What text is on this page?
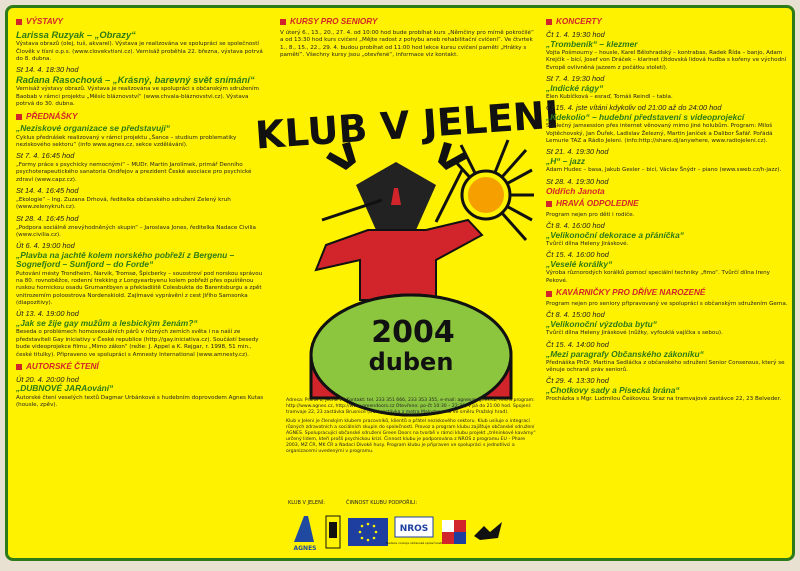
VÝSTAVY
Larissa Ruzyak – „Obrazy“
Výstava obrazů (olej, tuš, akvarel). Výstava je realizována ve spolupráci se společností Člověk v tísni o.p.s. (www.clovekvtisni.cz). Vernisáž proběhla 22. března, výstava potrvá do 8. dubna.
St 14. 4. 18:30 hod
Radana Rasochová – „Krásný, barevný svět snímání“
Vernisáž výstavy obrazů. Výstava je realizována ve spolupráci s občanským sdružením Baobab v rámci projektu „Měsíc bláznovství“ (www.chvala-bláznovstvi.cz). Výstava potrvá do 30. dubna.
PŘEDNÁŠKY
„Neziskové organizace se představují“
Cyklus přednášek realizovaný v rámci projektu „Šance – studium problematiky neziskového sektoru“ (info www.agnes.cz, sekce vzdělávání).
St 7. 4. 16:45 hod
„Formy práce s psychicky nemocnými“ – MUDr. Martin Jarolímek, primář Denního psychoterapeutického sanatoria Ondřejov a prezident České asociace pro psychické zdraví (www.capz.cz).
St 14. 4. 16:45 hod
„Ekologie“ – Ing. Zuzana Drhová, ředitelka občanského sdružení Zelený kruh (www.zelenykruh.cz).
St 28. 4. 16:45 hod
„Podpora sociálně znevýhodněných skupin“ – Jaroslava Jones, ředitelka Nadace Civilia (www.civilia.cz).
Út 6. 4. 19:00 hod
„Plavba na jachtě kolem norského pobřeží z Bergenu – Sognefjord – Sunfjord – do Forde“
Putování mésty Trondheim, Narvik, Tromsø, Špicberky – souostroví pod norskou správou na 80. rovnoběžce, rodenní trekking z Longyearbyenu kolem pobřeží přes opuštěnou ruskou hornickou osadu Grumantbyen a překladiště Colesbukta do Barentsburgu a zpět vnitrozemím poloostrova Nordenskiold. Zajímavé vyprávění z cest Jiřího Samsonka (diapozitivy).
Út 13. 4. 19:00 hod
„Jak se žije gay mužům a lesbickým ženám?“
Beseda o problémech homosexuálních párů v různých zemích světa i na naší ze představiteli Gay iniciativy v České republice (http://gay.iniciativa.cz). Součástí besedy bude videoprojekce filmu „Mimo zákon“ (režie: J. Appel a K. Rejgar, r. 1998, 51 min., české titulky). Připraveno ve spolupráci s Amnesty International (www.amnesty.cz).
AUTORSKÉ ČTENÍ
Út 20. 4. 20:00 hod
„DUBNOVÉ JARAování“
Autorské čtení veselých textů Dagmar Urbánkové s hudebním doprovodem Agnes Kutas (housle, zpěv).
KURSY PRO SENIORY
V úterý 6., 13., 20., 27. 4. od 10:00 hod bude probíhat kurs „Němčiny pro mírně pokročilé“ a od 13:30 hod kurs cvičení „Mějte radost z pohybu aneb rehabilitační cvičení“. Ve čtvrtek 1., 8., 15., 22., 29. 4. budou probíhat od 11:00 hod lekce kursu cvičení paměti „Hrátky s pamětí“. Všechny kursy jsou „otevřené“, informace viz kontakt.
KLUB V JELENI
2004
duben
Adresa: Praha 1, Ječná 17 Kontakt: tel. 233 351 666, 233 353 355, e-mail: agnes@agnes.cz, Info a program: http://www.agnes.cz, http://www.greendoors.cz Otevřeno: po-čt 10:30 – 22:30, v pá do 21:00 hod. Spojení: tramvaje 22, 23 zastávka Brusnice (třetí zastávka z metra Malostranská ve směru Pražský hrad).
Klub v Jeleni je členským klubem pracovníků, klientů a přátel neziskového sektoru. Klub usiluje o integraci různých zdravotních a sociálních skupin do společnosti. Provoz a program klubu zajišťuje občanské sdružení AGNES. Spolupracující občanské sdružení Green Doors na tvorbě v rámci klubu projekt „tréninkové kavárny“ určený lidem, kteří prošli psychickou krizí. Činnost klubu je podporována z NROS z programu EU – Phare 2003, MZ ČR, MK ČR a Nadací Divoké husy. Program klubu je připraven ve spolupráci s jednotlivci a organizacemi uvedenými v programu.
KLUB V JELENÍ:	ČINNOST KLUBU PODPOŘILI:
AGNES
NROS
Nadace rozvoje občanské společnosti
KONCERTY
Čt 1. 4. 19:30 hod
„Trombeník“ – klezmer
Vojta Pošmourny – housle, Karel Bělohradský – kontrabas, Radek Řída – banjo, Adam Krejčík – bicí, Josef von Dráček – klarinet (židovská lidová hudba s kořeny ve východní Evropě ovlivněná jazzem z počátku století).
St 7. 4. 19:30 hod
„Indické rágy“
Elen Kubíčková – esraď, Tomáš Reindl – tabla.
Čt 15. 4. jste vítáni kdykoliv od 21:00 až do 24:00 hod
„Kdekolio“ – hudební představení s videoprojekcí
Společný jamsession přes internet věnovaný mimo jiné holubům. Program: Miloš Vojtěchovský, Jan Ďuřek, Ladislav Železný, Martin Janíček a Dalibor Šafář. Pořádá Lemurie TAZ a Rádio Jeleni. (info:http://share.dj/anywhere, www.radiojeleni.cz).
St 21. 4. 19:30 hod
„H“ – jazz
Adam Hudec – basa, Jakub Gesler – bicí, Václav Šnýdr – piano (www.sweb.cz/h-jazz).
St 28. 4. 19:30 hod
Oldřich Janota
HRAVÁ ODPOLEDNE
Program nejen pro děti i rodiče.
Čt 8. 4. 16:00 hod
„Velikonoční dekorace a přáníčka“
Tvůrčí dílna Heleny Jiráskové.
Čt 15. 4. 16:00 hod
„Veselé korálky“
Výroba různorodých korálků pomocí speciální techniky „fimo“. Tvůrčí dílna Ireny Pekové.
KAVÁRNIČKY PRO DŘÍVE NAROZENÉ
Program nejen pro seniory připravovaný ve spolupráci s občanským sdružením Gema.
Čt 8. 4. 15:00 hod
„Velikonoční výzdoba bytu“
Tvůrčí dílna Heleny Jiráskové (nůžky, vyfouklá vajíčka s sebou).
Čt 15. 4. 14:00 hod
„Mezi paragrafy Občanského zákoníku“
Přednáška PhDr. Martina Sedláčka z občanského sdružení Senior Consensus, který se věnuje ochraně práv seniorů.
Čt 29. 4. 13:30 hod
„Chotkovy sady a Písecká brána“
Procházka s Mgr. Ludmilou Češkovou. Sraz na tramvajové zastávce 22, 23 Belveder.
